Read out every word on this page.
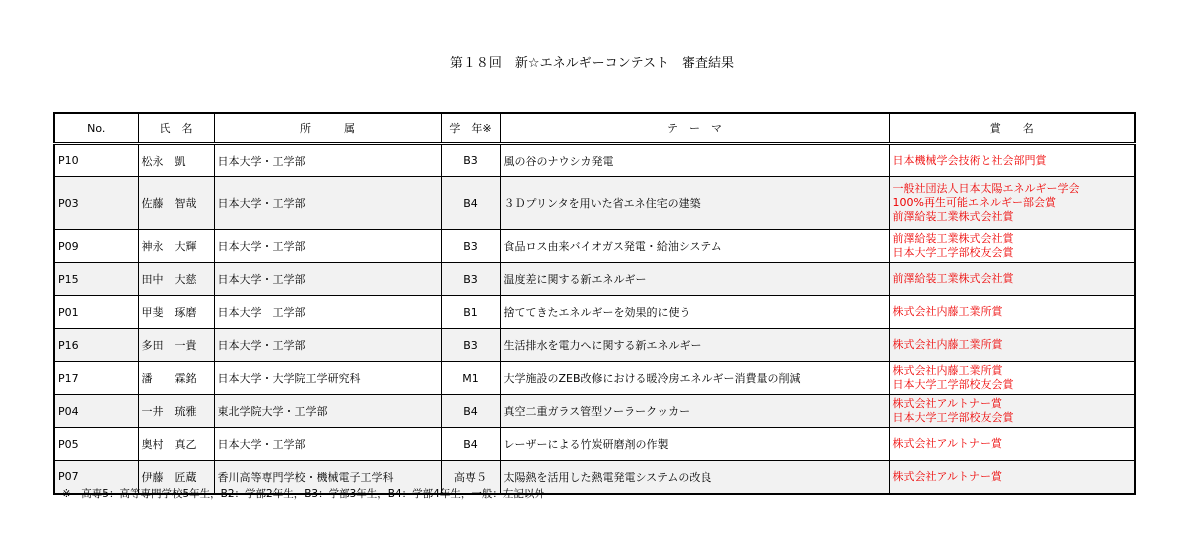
第１８回　新☆エネルギーコンテスト　審査結果
No.	氏　名	所　　　属	学　年※	テ　ー　マ	賞　　名
P10	松永　凱	日本大学・工学部	B3	風の谷のナウシカ発電	日本機械学会技術と社会部門賞

P03	佐藤　智哉	日本大学・工学部	B4	３Ｄプリンタを用いた省エネ住宅の建築	一般社団法人日本太陽エネルギー学会
100%再生可能エネルギー部会賞
前澤給装工業株式会社賞

P09	神永　大輝	日本大学・工学部	B3	食品ロス由来バイオガス発電・給油システム	前澤給装工業株式会社賞
日本大学工学部校友会賞

P15	田中　大慈	日本大学・工学部	B3	温度差に関する新エネルギー	前澤給装工業株式会社賞

P01	甲斐　琢磨	日本大学　工学部	B1	捨ててきたエネルギーを効果的に使う	株式会社内藤工業所賞

P16	多田　一貴	日本大学・工学部	B3	生活排水を電力へに関する新エネルギー	株式会社内藤工業所賞

P17	潘　　霖銘	日本大学・大学院工学研究科	M1	大学施設のZEB改修における暖冷房エネルギー消費量の削減	株式会社内藤工業所賞
日本大学工学部校友会賞

P04	一井　琉雅	東北学院大学・工学部	B4	真空二重ガラス管型ソーラークッカー	株式会社アルトナー賞
日本大学工学部校友会賞

P05	奥村　真乙	日本大学・工学部	B4	レーザーによる竹炭研磨剤の作製	株式会社アルトナー賞

P07	伊藤　匠蔵	香川高等専門学校・機械電子工学科	高専５	太陽熱を活用した熱電発電システムの改良	株式会社アルトナー賞
※　高専5：高等専門学校5年生，B2：学部2年生，B3：学部3年生，B4：学部4年生，一般：左記以外
